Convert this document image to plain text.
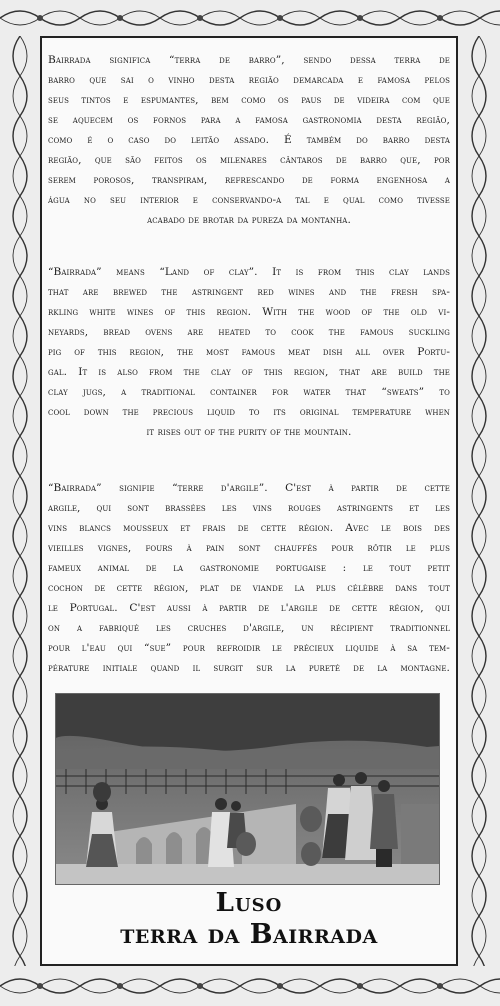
Bairrada significa “terra de barro”, sendo dessa terra de
barro que sai o vinho desta região demarcada e famosa pelos
seus tintos e espumantes, bem como os paus de videira com que
se aquecem os fornos para a famosa gastronomia desta região,
como é o caso do leitão assado. É também do barro desta
região, que são feitos os milenares cântaros de barro que, por
serem porosos, transpiram, refrescando de forma engenhosa a
água no seu interior e conservando-a tal e qual como tivesse
acabado de brotar da pureza da montanha.
“Bairrada” means “Land of clay”. It is from this clay lands
that are brewed the astringent red wines and the fresh spa-
rkling white wines of this region. With the wood of the old vi-
neyards, bread ovens are heated to cook the famous suckling
pig of this region, the most famous meat dish all over Portu-
gal. It is also from the clay of this region, that are build the
clay jugs, a traditional container for water that “sweats” to
cool down the precious liquid to its original temperature when
it rises out of the purity of the mountain.
“Bairrada” signifie “terre d'argile”. C'est à partir de cette
argile, qui sont brassées les vins rouges astringents et les
vins blancs mousseux et frais de cette région. Avec le bois des
vieilles vignes, fours à pain sont chauffés pour rôtir le plus
fameux animal de la gastronomie portugaise : le tout petit
cochon de cette région, plat de viande la plus célèbre dans tout
le Portugal. C'est aussi à partir de l'argile de cette région, qui
on a fabriqué les cruches d'argile, un récipient traditionnel
pour l'eau qui “sue” pour refroidir le précieux liquide à sa tem-
pérature initiale quand il surgit sur la pureté de la montagne.
Luso
terra da Bairrada
